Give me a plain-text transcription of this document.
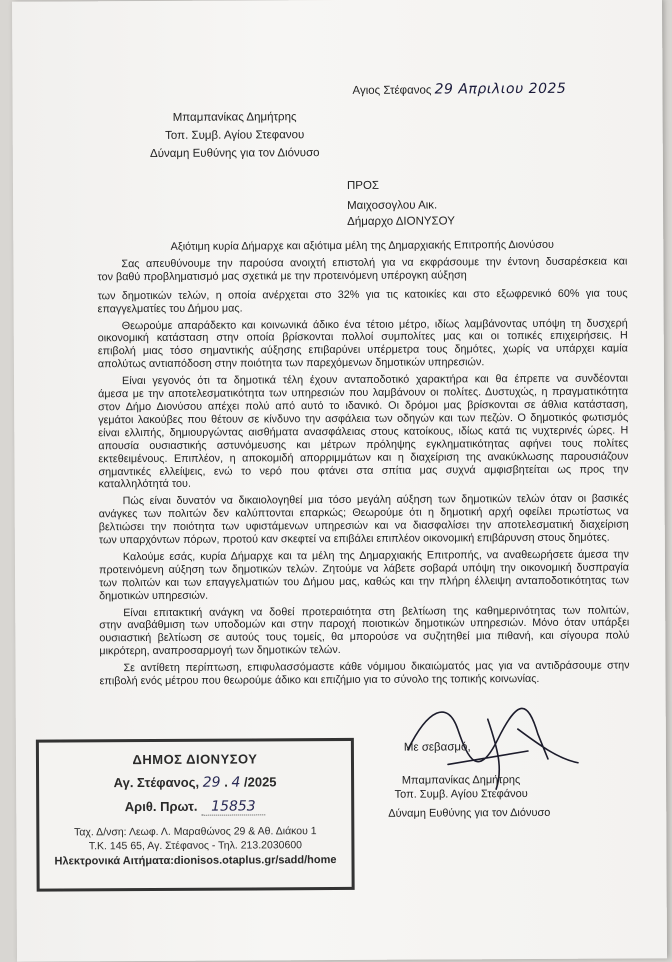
Αγιος Στέφανος 29 Απριλιου 2025
Μπαμπανίκας Δημήτρης
Τοπ. Συμβ. Αγίου Στεφανου
Δύναμη Ευθύνης για τον Διόνυσο
ΠΡΟΣ
Μαιχοσογλου Αικ.
Δήμαρχο ΔΙΟΝΥΣΟΥ

Αξιότιμη κυρία Δήμαρχε και αξιότιμα μέλη της Δημαρχιακής Επιτροπής Διονύσου

Σας απευθύνουμε την παρούσα ανοιχτή επιστολή για να εκφράσουμε την έντονη δυσαρέσκεια και
τον βαθύ προβληματισμό μας σχετικά με την προτεινόμενη υπέρογκη αύξηση
των δημοτικών τελών, η οποία ανέρχεται στο 32% για τις κατοικίες και στο εξωφρενικό 60% για τους
επαγγελματίες του Δήμου μας.

Θεωρούμε απαράδεκτο και κοινωνικά άδικο ένα τέτοιο μέτρο, ιδίως λαμβάνοντας υπόψη τη δυσχερή
οικονομική κατάσταση στην οποία βρίσκονται πολλοί συμπολίτες μας και οι τοπικές επιχειρήσεις. Η
επιβολή μιας τόσο σημαντικής αύξησης επιβαρύνει υπέρμετρα τους δημότες, χωρίς να υπάρχει καμία
απολύτως αντιαπόδοση στην ποιότητα των παρεχόμενων δημοτικών υπηρεσιών.

Είναι γεγονός ότι τα δημοτικά τέλη έχουν ανταποδοτικό χαρακτήρα και θα έπρεπε να συνδέονται
άμεσα με την αποτελεσματικότητα των υπηρεσιών που λαμβάνουν οι πολίτες. Δυστυχώς, η πραγματικότητα
στον Δήμο Διονύσου απέχει πολύ από αυτό το ιδανικό. Οι δρόμοι μας βρίσκονται σε άθλια κατάσταση,
γεμάτοι λακούβες που θέτουν σε κίνδυνο την ασφάλεια των οδηγών και των πεζών. Ο δημοτικός φωτισμός
είναι ελλιπής, δημιουργώντας αισθήματα ανασφάλειας στους κατοίκους, ιδίως κατά τις νυχτερινές ώρες. Η
απουσία ουσιαστικής αστυνόμευσης και μέτρων πρόληψης εγκληματικότητας αφήνει τους πολίτες
εκτεθειμένους. Επιπλέον, η αποκομιδή απορριμμάτων και η διαχείριση της ανακύκλωσης παρουσιάζουν
σημαντικές ελλείψεις, ενώ το νερό που φτάνει στα σπίτια μας συχνά αμφισβητείται ως προς την
καταλληλότητά του.

Πώς είναι δυνατόν να δικαιολογηθεί μια τόσο μεγάλη αύξηση των δημοτικών τελών όταν οι βασικές
ανάγκες των πολιτών δεν καλύπτονται επαρκώς; Θεωρούμε ότι η δημοτική αρχή οφείλει πρωτίστως να
βελτιώσει την ποιότητα των υφιστάμενων υπηρεσιών και να διασφαλίσει την αποτελεσματική διαχείριση
των υπαρχόντων πόρων, προτού καν σκεφτεί να επιβάλει επιπλέον οικονομική επιβάρυνση στους δημότες.

Καλούμε εσάς, κυρία Δήμαρχε και τα μέλη της Δημαρχιακής Επιτροπής, να αναθεωρήσετε άμεσα την
προτεινόμενη αύξηση των δημοτικών τελών. Ζητούμε να λάβετε σοβαρά υπόψη την οικονομική δυσπραγία
των πολιτών και των επαγγελματιών του Δήμου μας, καθώς και την πλήρη έλλειψη ανταποδοτικότητας των
δημοτικών υπηρεσιών.

Είναι επιτακτική ανάγκη να δοθεί προτεραιότητα στη βελτίωση της καθημερινότητας των πολιτών,
στην αναβάθμιση των υποδομών και στην παροχή ποιοτικών δημοτικών υπηρεσιών. Μόνο όταν υπάρξει
ουσιαστική βελτίωση σε αυτούς τους τομείς, θα μπορούσε να συζητηθεί μια πιθανή, και σίγουρα πολύ
μικρότερη, αναπροσαρμογή των δημοτικών τελών.

Σε αντίθετη περίπτωση, επιφυλασσόμαστε κάθε νόμιμου δικαιώματός μας για να αντιδράσουμε στην
επιβολή ενός μέτρου που θεωρούμε άδικο και επιζήμιο για το σύνολο της τοπικής κοινωνίας.

Με σεβασμό,
Μπαμπανίκας Δημήτρης
Τοπ. Συμβ. Αγίου Στεφάνου
Δύναμη Ευθύνης για τον Διόνυσο
ΔΗΜΟΣ ΔΙΟΝΥΣΟΥ
Αγ. Στέφανος, 29 . 4 /2025
Αριθ. Πρωτ. 15853
Ταχ. Δ/νση: Λεωφ. Λ. Μαραθώνος 29 & Αθ. Διάκου 1
Τ.Κ. 145 65, Αγ. Στέφανος - Τηλ. 213.2030600
Ηλεκτρονικά Αιτήματα:dionisos.otaplus.gr/sadd/home
